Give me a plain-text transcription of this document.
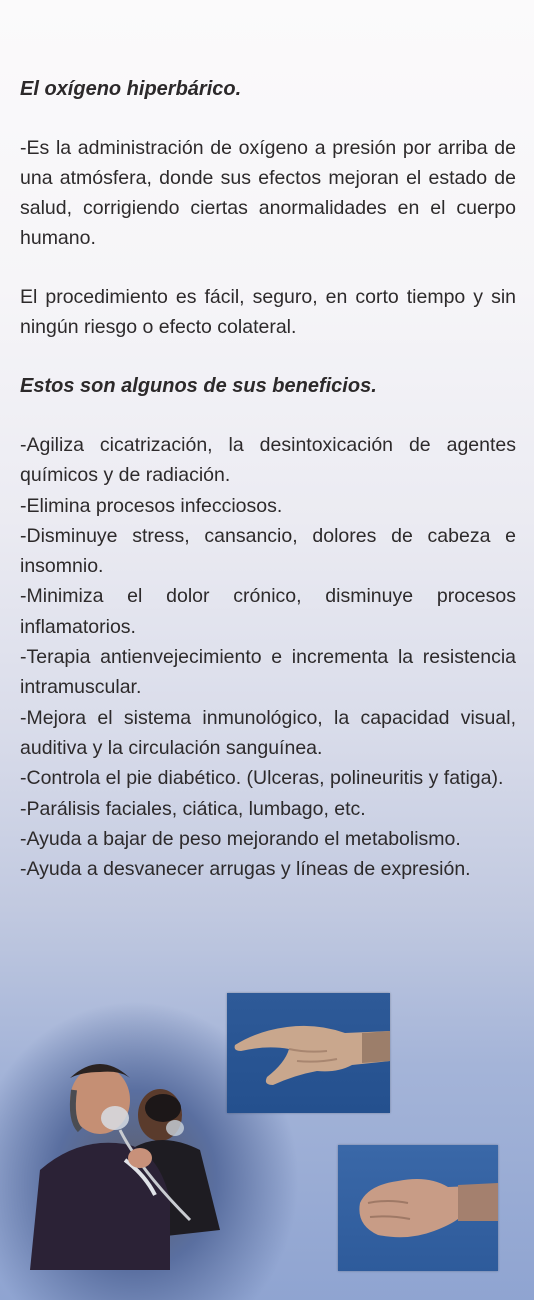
El oxígeno hiperbárico.

-Es la administración de oxígeno a presión por arriba de una atmósfera, donde sus efectos mejoran el estado de salud, corrigiendo ciertas anormalidades en el cuerpo humano.

El procedimiento es fácil, seguro, en corto tiempo y sin ningún riesgo o efecto colateral.

Estos son algunos de sus beneficios.
-Agiliza cicatrización, la desintoxicación de agentes químicos y de radiación.
-Elimina procesos infecciosos.
-Disminuye stress, cansancio, dolores de cabeza e insomnio.
-Minimiza el dolor crónico, disminuye procesos inflamatorios.
-Terapia antienvejecimiento e incrementa la resistencia intramuscular.
-Mejora el sistema inmunológico, la capacidad visual, auditiva y la circulación sanguínea.
-Controla el pie diabético. (Ulceras, polineuritis y fatiga).
-Parálisis faciales, ciática, lumbago, etc.
-Ayuda a bajar de peso mejorando el metabolismo.
-Ayuda a desvanecer arrugas y líneas de expresión.
